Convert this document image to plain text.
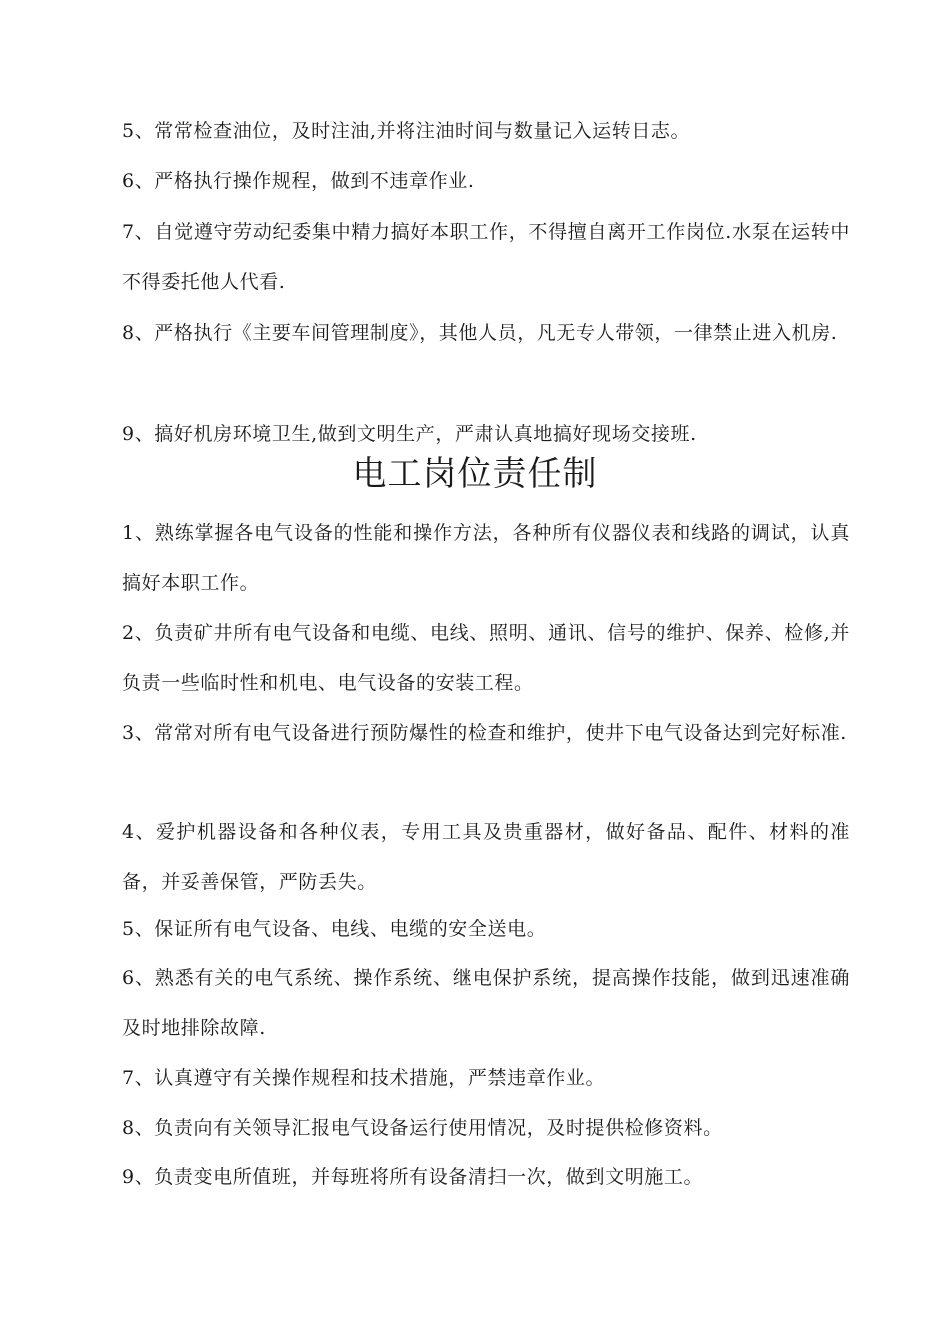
5、常常检查油位，及时注油,并将注油时间与数量记入运转日志。

6、严格执行操作规程，做到不违章作业.

7、自觉遵守劳动纪委集中精力搞好本职工作，不得擅自离开工作岗位.水泵在运转中不得委托他人代看.

8、严格执行《主要车间管理制度》，其他人员，凡无专人带领，一律禁止进入机房.

9、搞好机房环境卫生,做到文明生产，严肃认真地搞好现场交接班.

电工岗位责任制

1、熟练掌握各电气设备的性能和操作方法，各种所有仪器仪表和线路的调试，认真搞好本职工作。

2、负责矿井所有电气设备和电缆、电线、照明、通讯、信号的维护、保养、检修,并负责一些临时性和机电、电气设备的安装工程。

3、常常对所有电气设备进行预防爆性的检查和维护，使井下电气设备达到完好标准.

4、爱护机器设备和各种仪表，专用工具及贵重器材，做好备品、配件、材料的准备，并妥善保管，严防丢失。

5、保证所有电气设备、电线、电缆的安全送电。

6、熟悉有关的电气系统、操作系统、继电保护系统，提高操作技能，做到迅速准确及时地排除故障.

7、认真遵守有关操作规程和技术措施，严禁违章作业。

8、负责向有关领导汇报电气设备运行使用情况，及时提供检修资料。

9、负责变电所值班，并每班将所有设备清扫一次，做到文明施工。
